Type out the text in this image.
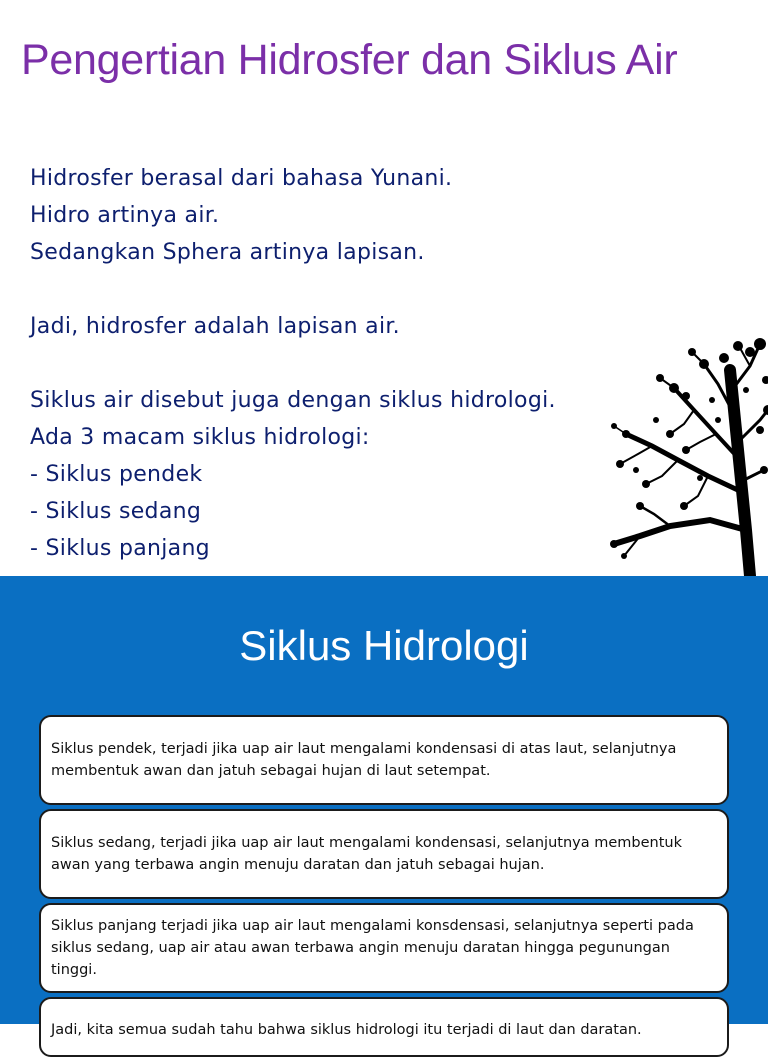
Pengertian Hidrosfer dan Siklus Air
Hidrosfer berasal dari bahasa Yunani.
Hidro artinya air.
Sedangkan Sphera artinya lapisan.
Jadi, hidrosfer adalah lapisan air.
Siklus air disebut juga dengan siklus hidrologi.
Ada 3 macam siklus hidrologi:
- Siklus pendek
- Siklus sedang
- Siklus panjang
Siklus Hidrologi
Siklus pendek, terjadi jika uap air laut mengalami kondensasi di atas laut, selanjutnya membentuk awan dan jatuh sebagai hujan di laut setempat.
Siklus sedang, terjadi jika uap air laut mengalami kondensasi, selanjutnya membentuk awan yang terbawa angin menuju daratan dan jatuh sebagai hujan.
Siklus panjang terjadi jika uap air laut mengalami konsdensasi, selanjutnya seperti pada siklus sedang, uap air atau awan terbawa angin menuju daratan hingga pegunungan tinggi.
Jadi, kita semua sudah tahu bahwa siklus hidrologi itu terjadi di laut dan daratan.
